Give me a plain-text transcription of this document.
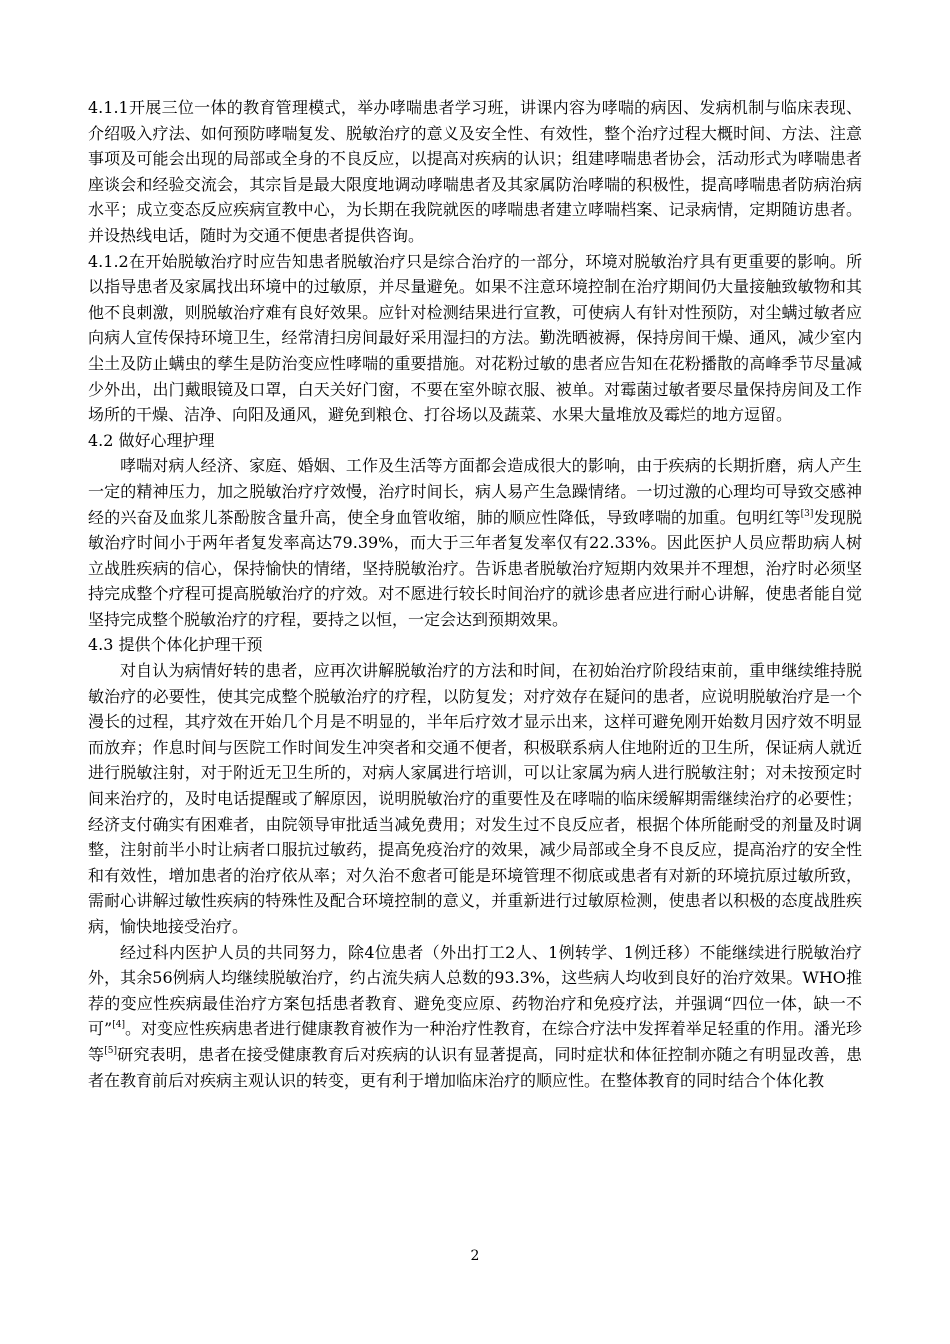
4.1.1开展三位一体的教育管理模式，举办哮喘患者学习班，讲课内容为哮喘的病因、发病机制与临床表现、介绍吸入疗法、如何预防哮喘复发、脱敏治疗的意义及安全性、有效性，整个治疗过程大概时间、方法、注意事项及可能会出现的局部或全身的不良反应，以提高对疾病的认识；组建哮喘患者协会，活动形式为哮喘患者座谈会和经验交流会，其宗旨是最大限度地调动哮喘患者及其家属防治哮喘的积极性，提高哮喘患者防病治病水平；成立变态反应疾病宣教中心，为长期在我院就医的哮喘患者建立哮喘档案、记录病情，定期随访患者。并设热线电话，随时为交通不便患者提供咨询。

4.1.2在开始脱敏治疗时应告知患者脱敏治疗只是综合治疗的一部分，环境对脱敏治疗具有更重要的影响。所以指导患者及家属找出环境中的过敏原，并尽量避免。如果不注意环境控制在治疗期间仍大量接触致敏物和其他不良刺激，则脱敏治疗难有良好效果。应针对检测结果进行宣教，可使病人有针对性预防，对尘螨过敏者应向病人宣传保持环境卫生，经常清扫房间最好采用湿扫的方法。勤洗晒被褥，保持房间干燥、通风，减少室内尘土及防止螨虫的孳生是防治变应性哮喘的重要措施。对花粉过敏的患者应告知在花粉播散的高峰季节尽量减少外出，出门戴眼镜及口罩，白天关好门窗，不要在室外晾衣服、被单。对霉菌过敏者要尽量保持房间及工作场所的干燥、洁净、向阳及通风，避免到粮仓、打谷场以及蔬菜、水果大量堆放及霉烂的地方逗留。

4.2 做好心理护理

哮喘对病人经济、家庭、婚姻、工作及生活等方面都会造成很大的影响，由于疾病的长期折磨，病人产生一定的精神压力，加之脱敏治疗疗效慢，治疗时间长，病人易产生急躁情绪。一切过激的心理均可导致交感神经的兴奋及血浆儿茶酚胺含量升高，使全身血管收缩，肺的顺应性降低，导致哮喘的加重。包明红等[3]发现脱敏治疗时间小于两年者复发率高达79.39%，而大于三年者复发率仅有22.33%。因此医护人员应帮助病人树立战胜疾病的信心，保持愉快的情绪，坚持脱敏治疗。告诉患者脱敏治疗短期内效果并不理想，治疗时必须坚持完成整个疗程可提高脱敏治疗的疗效。对不愿进行较长时间治疗的就诊患者应进行耐心讲解，使患者能自觉坚持完成整个脱敏治疗的疗程，要持之以恒，一定会达到预期效果。

4.3 提供个体化护理干预

对自认为病情好转的患者，应再次讲解脱敏治疗的方法和时间，在初始治疗阶段结束前，重申继续维持脱敏治疗的必要性，使其完成整个脱敏治疗的疗程，以防复发；对疗效存在疑问的患者，应说明脱敏治疗是一个漫长的过程，其疗效在开始几个月是不明显的，半年后疗效才显示出来，这样可避免刚开始数月因疗效不明显而放弃；作息时间与医院工作时间发生冲突者和交通不便者，积极联系病人住地附近的卫生所，保证病人就近进行脱敏注射，对于附近无卫生所的，对病人家属进行培训，可以让家属为病人进行脱敏注射；对未按预定时间来治疗的，及时电话提醒或了解原因，说明脱敏治疗的重要性及在哮喘的临床缓解期需继续治疗的必要性；经济支付确实有困难者，由院领导审批适当减免费用；对发生过不良反应者，根据个体所能耐受的剂量及时调整，注射前半小时让病者口服抗过敏药，提高免疫治疗的效果，减少局部或全身不良反应，提高治疗的安全性和有效性，增加患者的治疗依从率；对久治不愈者可能是环境管理不彻底或患者有对新的环境抗原过敏所致，需耐心讲解过敏性疾病的特殊性及配合环境控制的意义，并重新进行过敏原检测，使患者以积极的态度战胜疾病，愉快地接受治疗。

经过科内医护人员的共同努力，除4位患者（外出打工2人、1例转学、1例迁移）不能继续进行脱敏治疗外，其余56例病人均继续脱敏治疗，约占流失病人总数的93.3%，这些病人均收到良好的治疗效果。WHO推荐的变应性疾病最佳治疗方案包括患者教育、避免变应原、药物治疗和免疫疗法，并强调“四位一体，缺一不可”[4]。对变应性疾病患者进行健康教育被作为一种治疗性教育，在综合疗法中发挥着举足轻重的作用。潘光珍等[5]研究表明，患者在接受健康教育后对疾病的认识有显著提高，同时症状和体征控制亦随之有明显改善，患者在教育前后对疾病主观认识的转变，更有利于增加临床治疗的顺应性。在整体教育的同时结合个体化教

2
